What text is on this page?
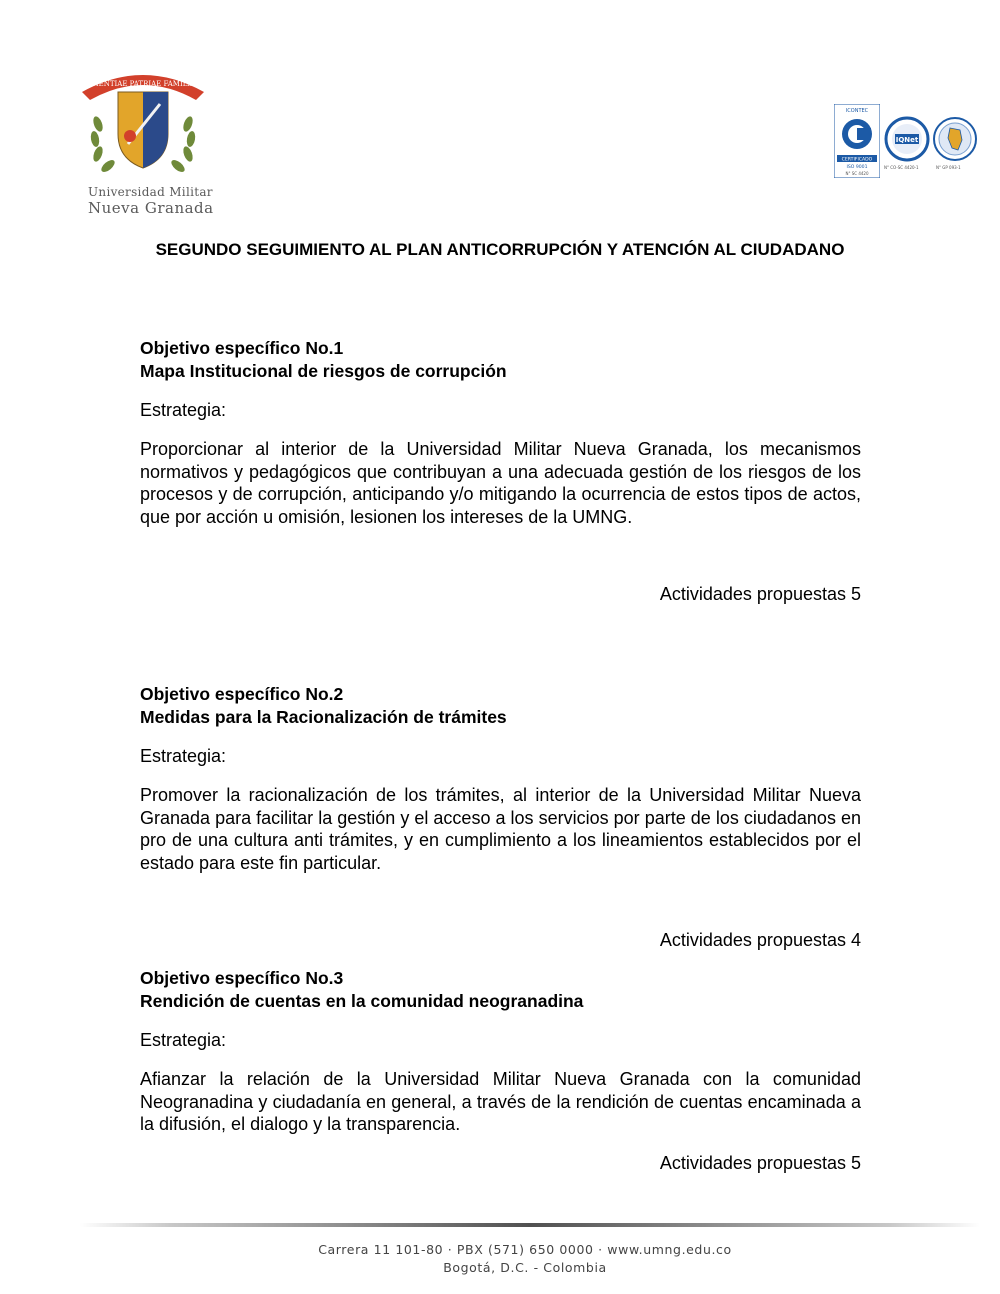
SCIENTIAE PATRIAE FAMILIAE
Universidad Militar
Nueva Granada
ICONTEC
CERTIFICADO
ISO 9001
N° SC 4420
IQNet
N° CO-SC 4420-1	N° GP 093-1
SEGUNDO SEGUIMIENTO AL PLAN ANTICORRUPCIÓN Y ATENCIÓN AL CIUDADANO

Objetivo específico No.1

Mapa Institucional de riesgos de corrupción

Estrategia:

Proporcionar al interior de la Universidad Militar Nueva Granada, los mecanismos normativos y pedagógicos que contribuyan a una adecuada gestión de los riesgos de los procesos y de corrupción, anticipando y/o mitigando la ocurrencia de estos tipos de actos, que por acción u omisión, lesionen los intereses de la UMNG.

Actividades propuestas 5

Objetivo específico No.2

Medidas para la Racionalización de trámites

Estrategia:

Promover la racionalización de los trámites, al interior de la Universidad Militar Nueva Granada para facilitar la gestión y el acceso a los servicios por parte de los ciudadanos en pro de una cultura anti trámites, y en cumplimiento a los lineamientos establecidos por el estado para este fin particular.

Actividades propuestas 4

Objetivo específico No.3

Rendición de cuentas en la comunidad neogranadina

Estrategia:

Afianzar la relación de la Universidad Militar Nueva Granada con la comunidad Neogranadina y ciudadanía en general, a través de la rendición de cuentas encaminada a la difusión, el dialogo y la transparencia.

Actividades propuestas 5

Carrera 11 101-80 · PBX (571) 650 0000 · www.umng.edu.co
Bogotá, D.C. - Colombia
